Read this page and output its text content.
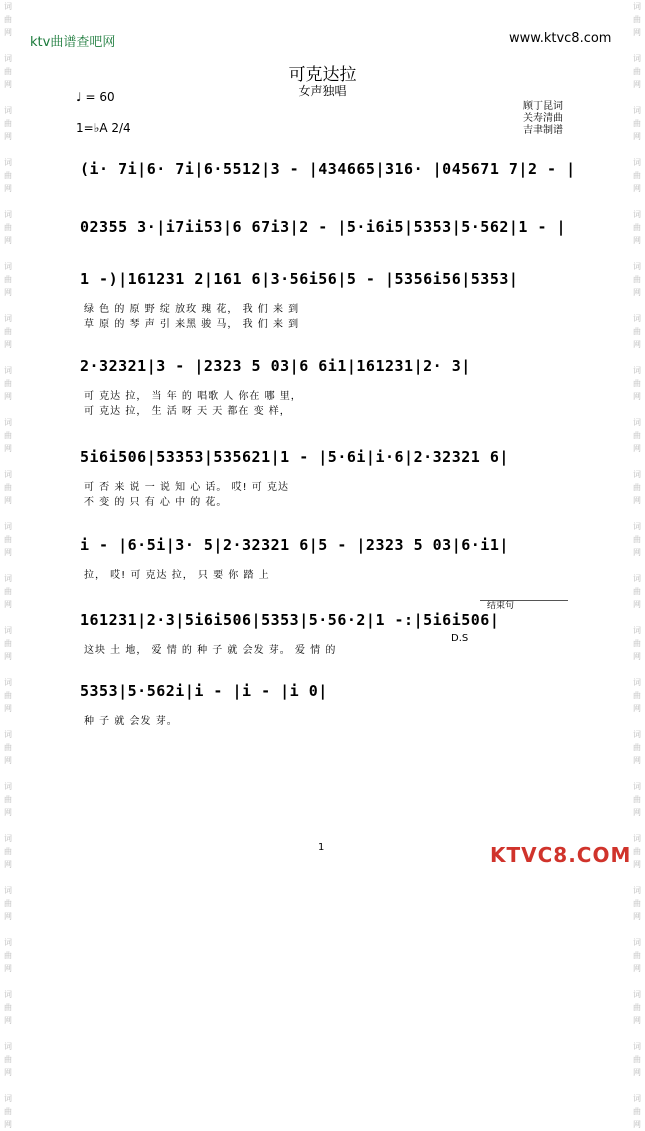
词
曲
网

词
曲
网

词
曲
网

词
曲
网

词
曲
网

词
曲
网

词
曲
网

词
曲
网

词
曲
网

词
曲
网

词
曲
网

词
曲
网

词
曲
网

词
曲
网

词
曲
网

词
曲
网

词
曲
网

词
曲
网

词
曲
网

词
曲
网

词
曲
网

词
曲
网

词
曲
网

词
曲
网

词
曲
网

词
曲
网

词
曲
网

词
曲
网

词
曲
网

词
曲
网

词
曲
网

词
曲
网

词
曲
网

词
曲
网

词
曲
网

词
曲
网

词
曲
网

词
曲
网

词
曲
网

词
曲
网

词
曲
网

词
曲
网

词
曲
网

词
曲
网

ktv曲谱查吧网	www.ktvc8.com
可克达拉
女声独唱
♩ = 60
1=♭A 2/4
顾丁昆词
关寿清曲
吉聿制谱
(i· 7i|6· 7i|6·5512|3 - |434665|316· |045671 7|2 - |
02355 3·|i7ii53|6 67i3|2 - |5·i6i5|5353|5·562|1 - |
1 -)|161231 2|161 6|3·56i56|5 - |5356i56|5353|
绿 色 的 原 野 绽 放玫 瑰 花， 我 们 来 到
草 原 的 琴 声 引 来黑 骏 马， 我 们 来 到
2·32321|3 - |2323 5 03|6 6i1|161231|2· 3|
可 克达 拉， 当 年 的 唱歌 人 你在 哪 里，
可 克达 拉， 生 活 呀 天 天 都在 变 样，
5i6i506|53353|535621|1 - |5·6i|i·6|2·32321 6|
可 否 来 说 一 说 知 心 话。 哎! 可 克达
不 变 的 只 有 心 中 的 花。
i - |6·5i|3· 5|2·32321 6|5 - |2323 5 03|6·i1|
拉， 哎! 可 克达 拉， 只 要 你 踏 上
161231|2·3|5i6i506|5353|5·56·2|1 -:|5i6i506|
这块 土 地， 爱 情 的 种 子 就 会发 芽。 爱 情 的
5353|5·562i|i - |i - |i 0|
种 子 就 会发 芽。
结束句
D.S
1	KTVC8.COM
